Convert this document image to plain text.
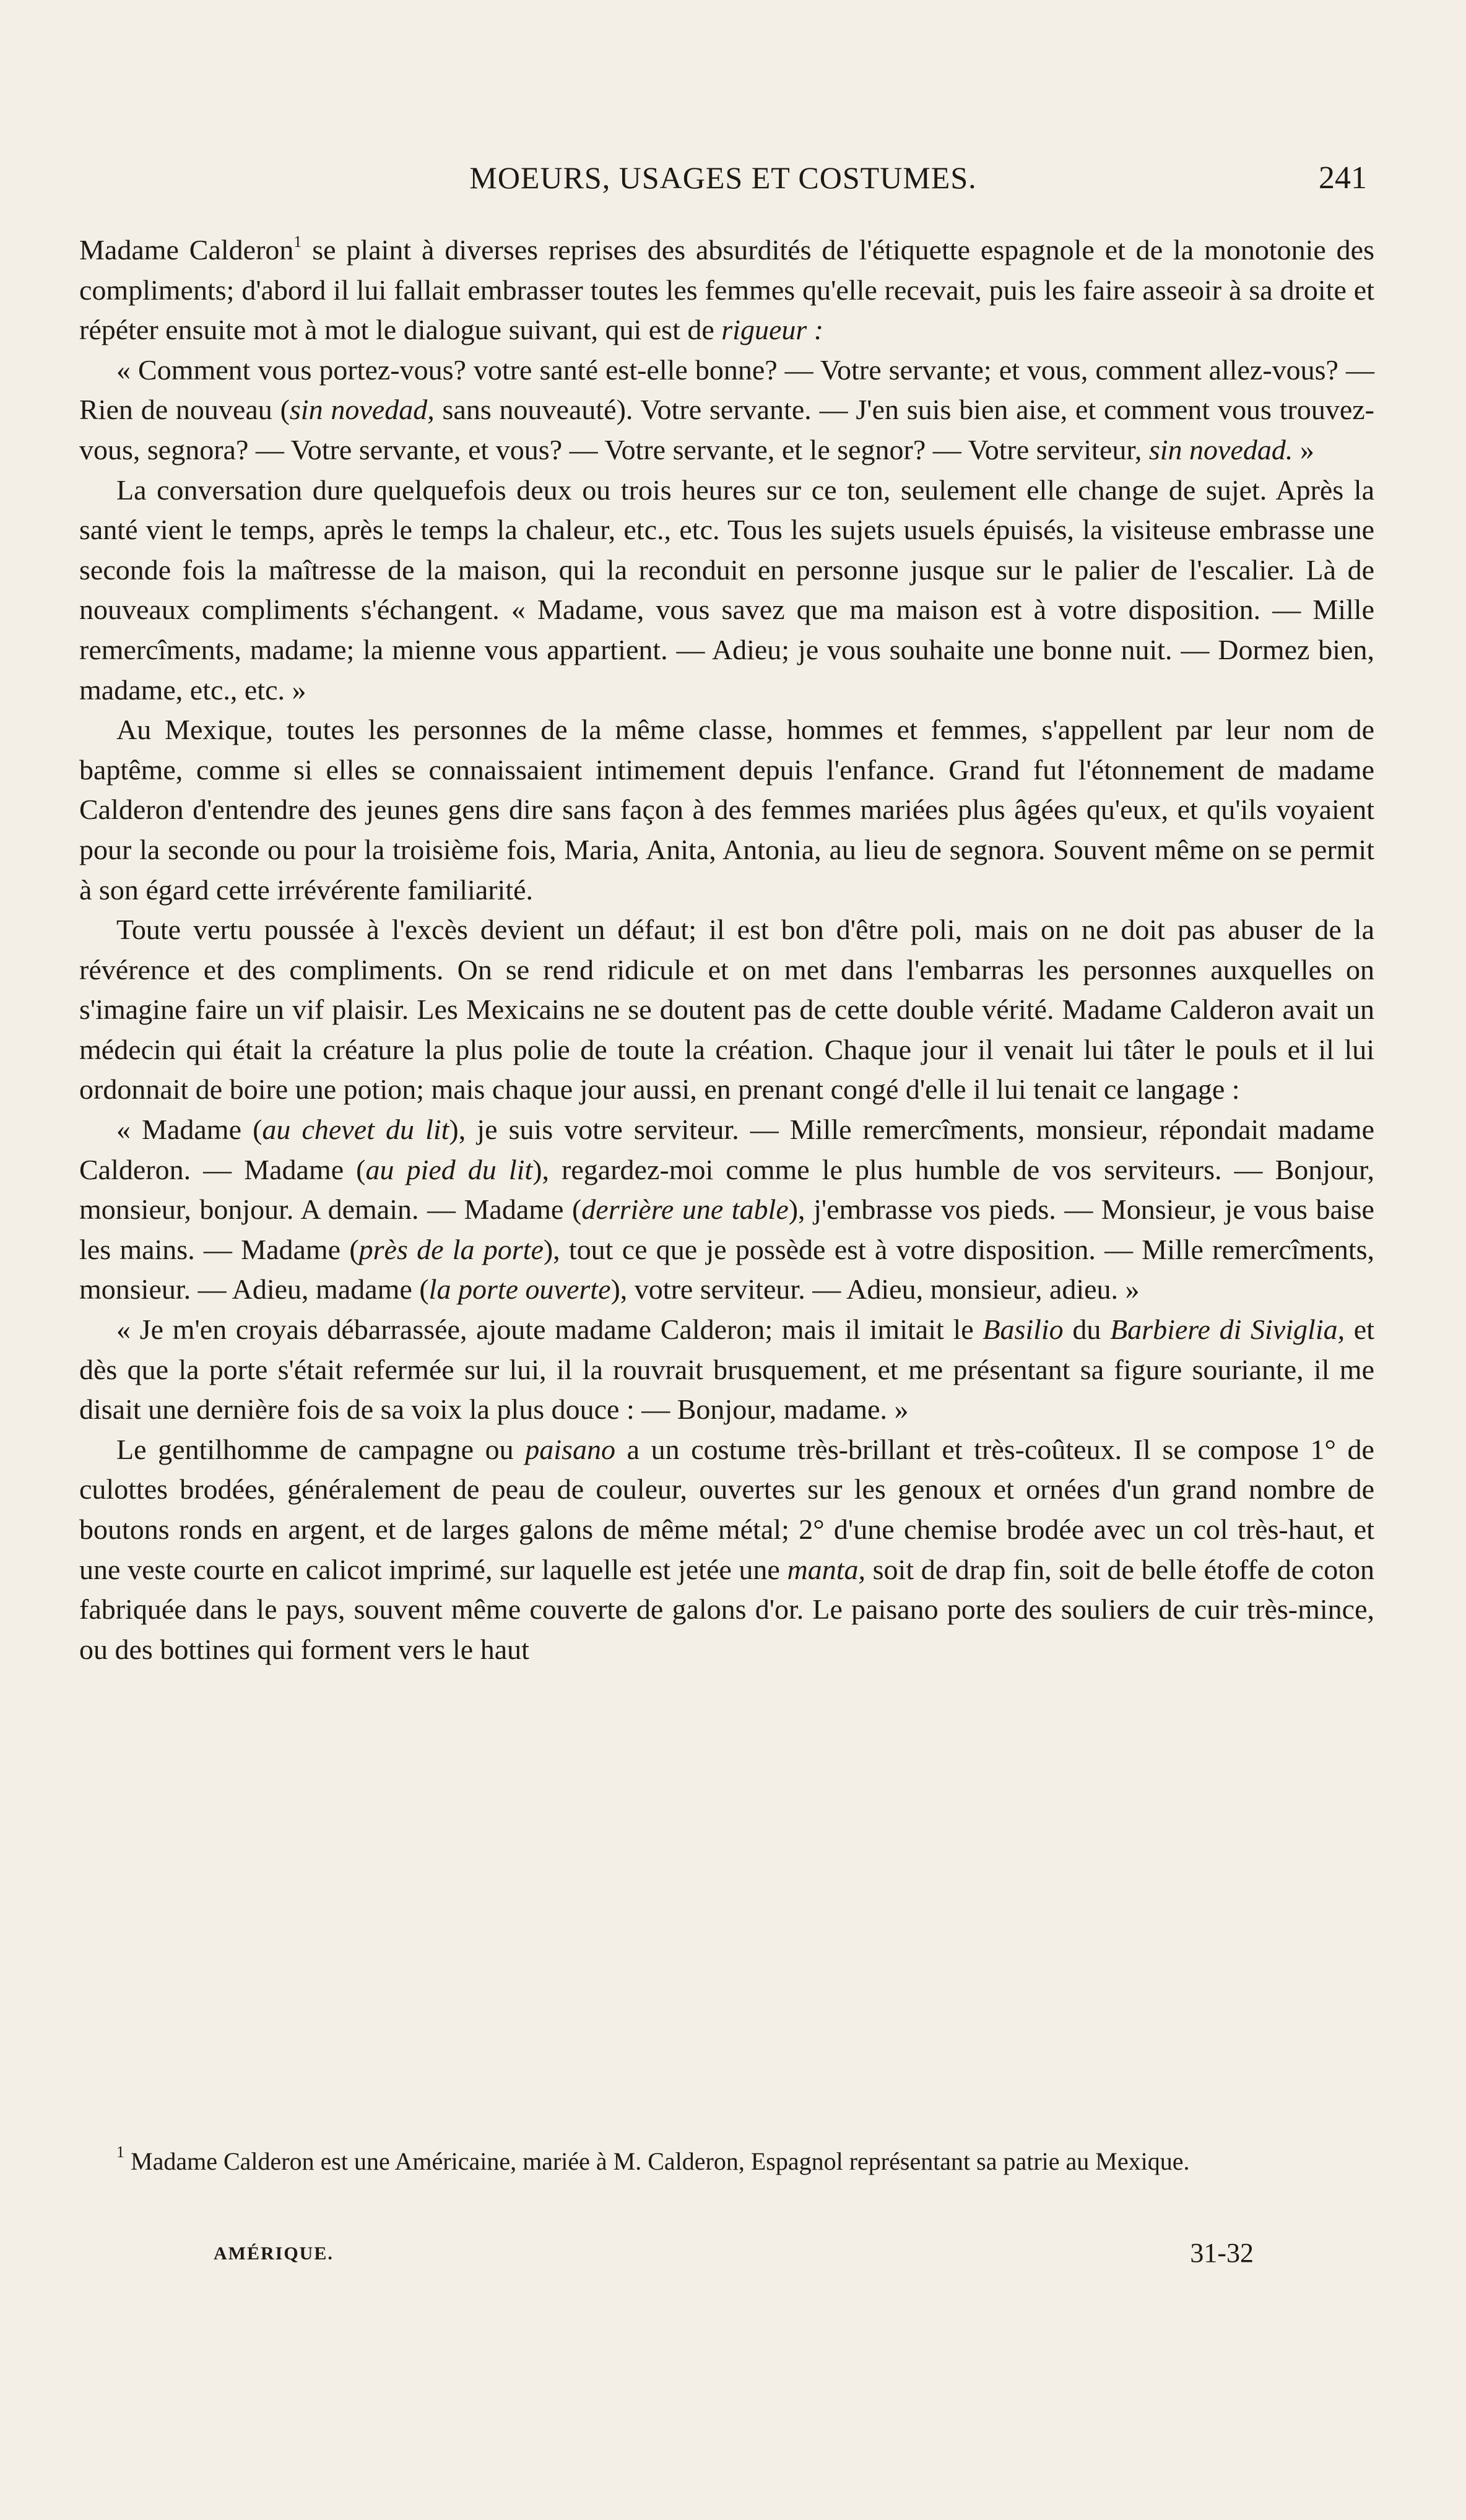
MOEURS, USAGES ET COSTUMES.	241

Madame Calderon$^1$ se plaint à diverses reprises des absurdités de l'étiquette espagnole et de la monotonie des compliments; d'abord il lui fallait embrasser toutes les femmes qu'elle recevait, puis les faire asseoir à sa droite et répéter ensuite mot à mot le dialogue suivant, qui est de rigueur :

« Comment vous portez-vous? votre santé est-elle bonne? — Votre servante; et vous, comment allez-vous? — Rien de nouveau (sin novedad, sans nouveauté). Votre servante. — J'en suis bien aise, et comment vous trouvez-vous, segnora? — Votre servante, et vous? — Votre servante, et le segnor? — Votre serviteur, sin novedad. »

La conversation dure quelquefois deux ou trois heures sur ce ton, seulement elle change de sujet. Après la santé vient le temps, après le temps la chaleur, etc., etc. Tous les sujets usuels épuisés, la visiteuse embrasse une seconde fois la maîtresse de la maison, qui la reconduit en personne jusque sur le palier de l'escalier. Là de nouveaux compliments s'échangent. « Madame, vous savez que ma maison est à votre disposition. — Mille remercîments, madame; la mienne vous appartient. — Adieu; je vous souhaite une bonne nuit. — Dormez bien, madame, etc., etc. »

Au Mexique, toutes les personnes de la même classe, hommes et femmes, s'appellent par leur nom de baptême, comme si elles se connaissaient intimement depuis l'enfance. Grand fut l'étonnement de madame Calderon d'entendre des jeunes gens dire sans façon à des femmes mariées plus âgées qu'eux, et qu'ils voyaient pour la seconde ou pour la troisième fois, Maria, Anita, Antonia, au lieu de segnora. Souvent même on se permit à son égard cette irrévérente familiarité.

Toute vertu poussée à l'excès devient un défaut; il est bon d'être poli, mais on ne doit pas abuser de la révérence et des compliments. On se rend ridicule et on met dans l'embarras les personnes auxquelles on s'imagine faire un vif plaisir. Les Mexicains ne se doutent pas de cette double vérité. Madame Calderon avait un médecin qui était la créature la plus polie de toute la création. Chaque jour il venait lui tâter le pouls et il lui ordonnait de boire une potion; mais chaque jour aussi, en prenant congé d'elle il lui tenait ce langage :

« Madame (au chevet du lit), je suis votre serviteur. — Mille remercîments, monsieur, répondait madame Calderon. — Madame (au pied du lit), regardez-moi comme le plus humble de vos serviteurs. — Bonjour, monsieur, bonjour. A demain. — Madame (derrière une table), j'embrasse vos pieds. — Monsieur, je vous baise les mains. — Madame (près de la porte), tout ce que je possède est à votre disposition. — Mille remercîments, monsieur. — Adieu, madame (la porte ouverte), votre serviteur. — Adieu, monsieur, adieu. »

« Je m'en croyais débarrassée, ajoute madame Calderon; mais il imitait le Basilio du Barbiere di Siviglia, et dès que la porte s'était refermée sur lui, il la rouvrait brusquement, et me présentant sa figure souriante, il me disait une dernière fois de sa voix la plus douce : — Bonjour, madame. »

Le gentilhomme de campagne ou paisano a un costume très-brillant et très-coûteux. Il se compose 1° de culottes brodées, généralement de peau de couleur, ouvertes sur les genoux et ornées d'un grand nombre de boutons ronds en argent, et de larges galons de même métal; 2° d'une chemise brodée avec un col très-haut, et une veste courte en calicot imprimé, sur laquelle est jetée une manta, soit de drap fin, soit de belle étoffe de coton fabriquée dans le pays, souvent même couverte de galons d'or. Le paisano porte des souliers de cuir très-mince, ou des bottines qui forment vers le haut

$^1$ Madame Calderon est une Américaine, mariée à M. Calderon, Espagnol représentant sa patrie au Mexique.

AMÉRIQUE.	31-32
